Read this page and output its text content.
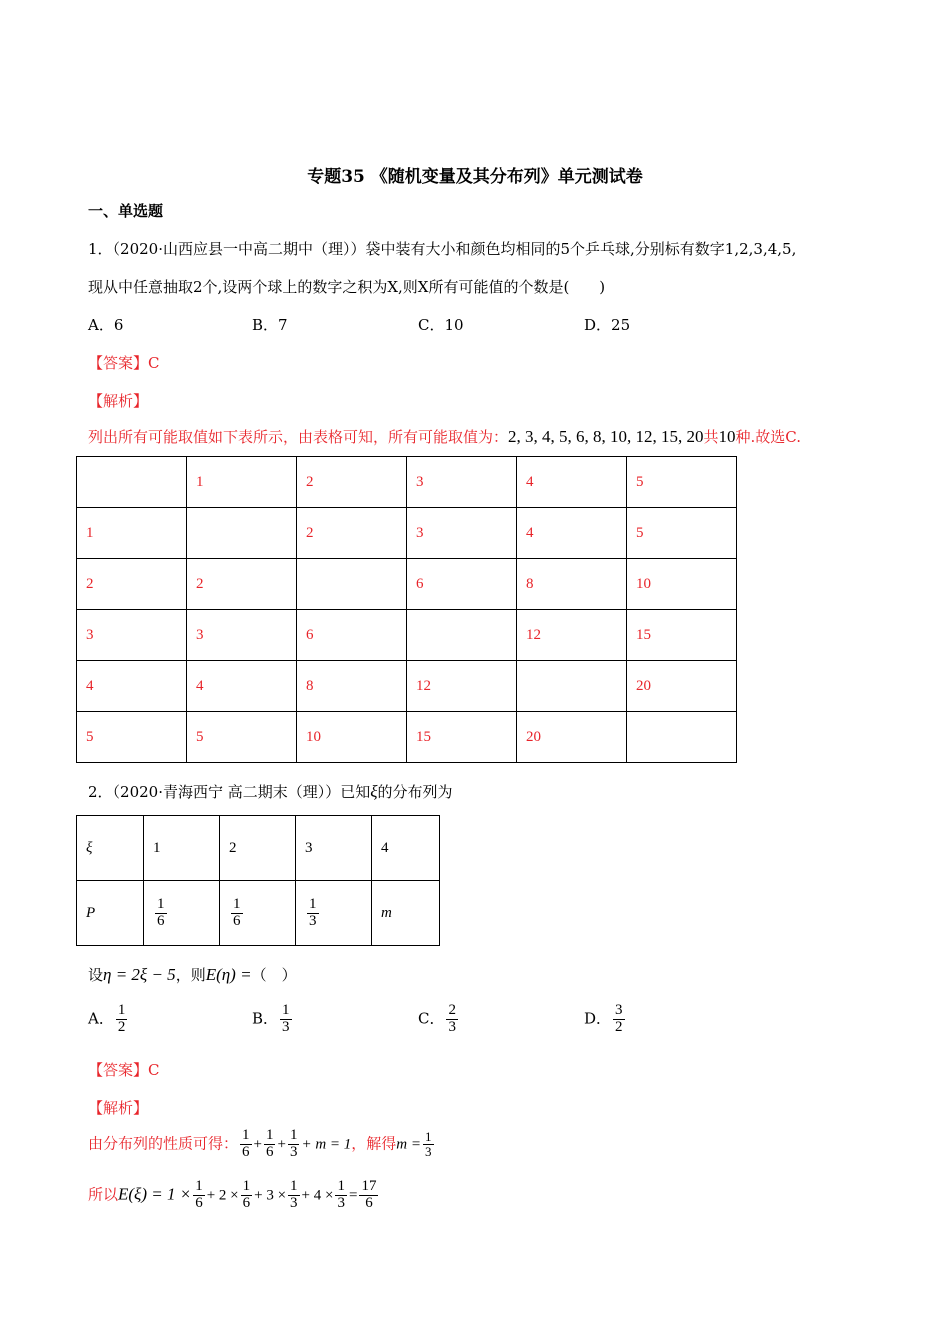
专题35 《随机变量及其分布列》单元测试卷
一、单选题
1．（2020·山西应县一中高二期中（理））袋中装有大小和颜色均相同的5个乒乓球,分别标有数字1,2,3,4,5,
现从中任意抽取2个,设两个球上的数字之积为X,则X所有可能值的个数是(　　)
A．6	B．7	C．10	D．25
【答案】C
【解析】
列出所有可能取值如下表所示，由表格可知，所有可能取值为：2, 3, 4, 5, 6, 8, 10, 12, 15, 20共10种.故选C.
	1	2	3	4	5
1		2	3	4	5
2	2		6	8	10
3	3	6		12	15
4	4	8	12		20
5	5	10	15	20	
2．（2020·青海西宁 高二期末（理））已知ξ的分布列为
ξ	1	2	3	4
P	$\frac{1}{6}$	$\frac{1}{6}$	$\frac{1}{3}$	m
设η = 2ξ − 5，则E(η) =（　）
A． $\frac{1}{2}$	B． $\frac{1}{3}$	C． $\frac{2}{3}$	D． $\frac{3}{2}$
【答案】C
【解析】
由分布列的性质可得： $\frac{1}{6} + \frac{1}{6} + \frac{1}{3} + m = 1$，解得$m = \frac{1}{3}$
所以$E(\xi) = 1 \times \frac{1}{6} + 2 \times \frac{1}{6} + 3 \times \frac{1}{3} + 4 \times \frac{1}{3} = \frac{17}{6}$
